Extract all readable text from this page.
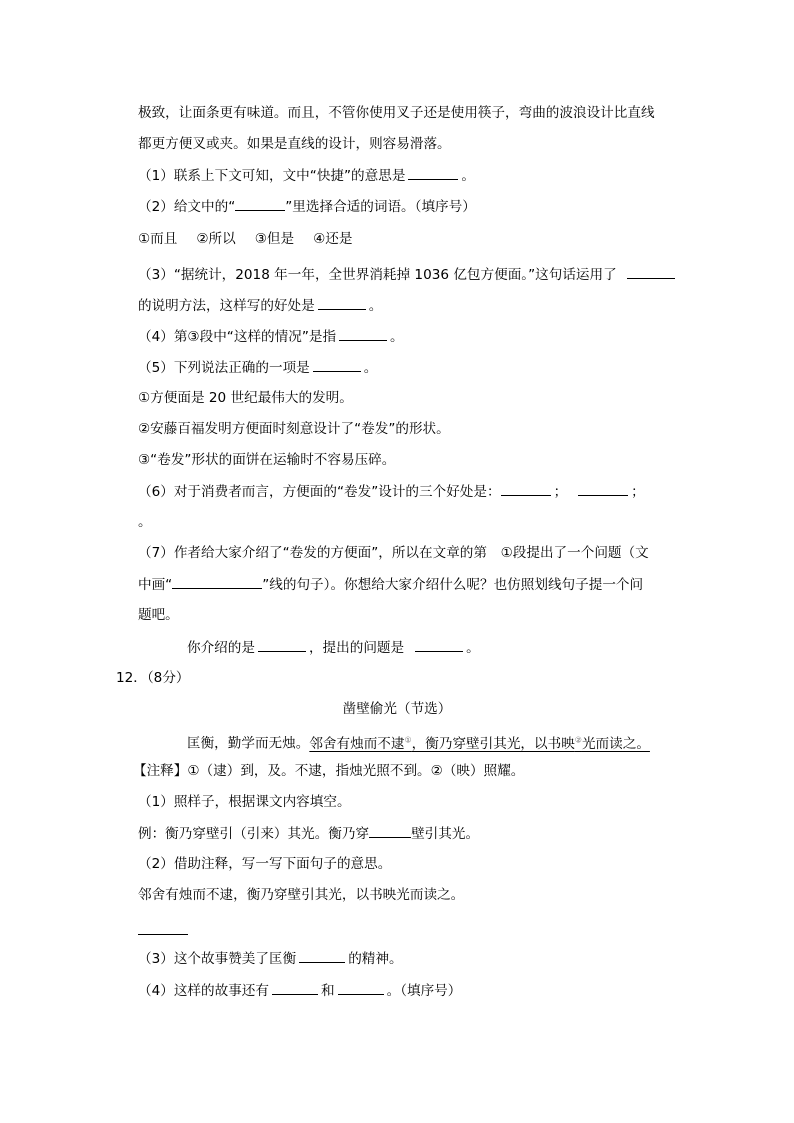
极致，让面条更有味道。而且，不管你使用叉子还是使用筷子，弯曲的波浪设计比直线
都更方便叉或夹。如果是直线的设计，则容易滑落。
（1）联系上下文可知，文中“快捷”的意思是	。
（2）给文中的“	”里选择合适的词语。（填序号）
①而且 ②所以 ③但是 ④还是
（3）“据统计，2018 年一年，全世界消耗掉 1036 亿包方便面。”这句话运用了
的说明方法，这样写的好处是	。
（4）第③段中“这样的情况”是指	。
（5）下列说法正确的一项是	。
①方便面是 20 世纪最伟大的发明。
②安藤百福发明方便面时刻意设计了“卷发”的形状。
③“卷发”形状的面饼在运输时不容易压碎。
（6）对于消费者而言，方便面的“卷发”设计的三个好处是：	；	；
。
（7）作者给大家介绍了“卷发的方便面”，所以在文章的第　①段提出了一个问题（文
中画“	”线的句子）。你想给大家介绍什么呢？也仿照划线句子提一个问
题吧。
你介绍的是	，提出的问题是	。
12．（8分）
凿壁偷光（节选）
匡衡，勤学而无烛。邻舍有烛而不逮①，衡乃穿壁引其光，以书映②光而读之。
【注释】①（逮）到，及。不逮，指烛光照不到。②（映）照耀。
（1）照样子，根据课文内容填空。
例：衡乃穿壁引（引来）其光。衡乃穿	壁引其光。
（2）借助注释，写一写下面句子的意思。
邻舍有烛而不逮，衡乃穿壁引其光，以书映光而读之。
（3）这个故事赞美了匡衡	的精神。
（4）这样的故事还有	和	。（填序号）
